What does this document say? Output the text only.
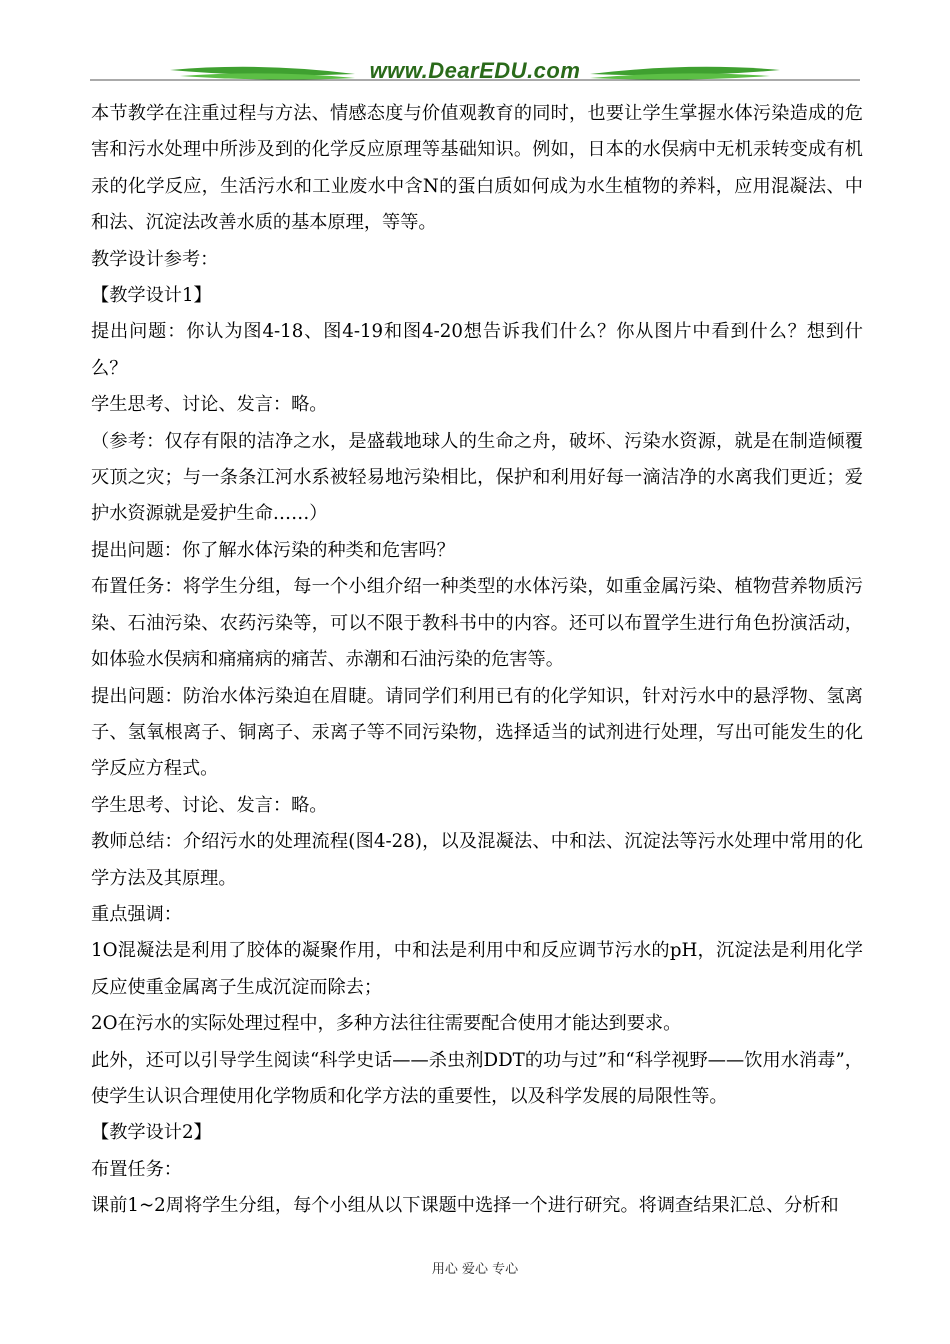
www.DearEDU.com

本节教学在注重过程与方法、情感态度与价值观教育的同时，也要让学生掌握水体污染造成的危害和污水处理中所涉及到的化学反应原理等基础知识。例如，日本的水俣病中无机汞转变成有机汞的化学反应，生活污水和工业废水中含N的蛋白质如何成为水生植物的养料，应用混凝法、中和法、沉淀法改善水质的基本原理，等等。

教学设计参考：

【教学设计1】

提出问题：你认为图4-18、图4-19和图4-20想告诉我们什么？你从图片中看到什么？想到什么？

学生思考、讨论、发言：略。

（参考：仅存有限的洁净之水，是盛载地球人的生命之舟，破坏、污染水资源，就是在制造倾覆灭顶之灾；与一条条江河水系被轻易地污染相比，保护和利用好每一滴洁净的水离我们更近；爱护水资源就是爱护生命……）

提出问题：你了解水体污染的种类和危害吗？

布置任务：将学生分组，每一个小组介绍一种类型的水体污染，如重金属污染、植物营养物质污染、石油污染、农药污染等，可以不限于教科书中的内容。还可以布置学生进行角色扮演活动，如体验水俣病和痛痛病的痛苦、赤潮和石油污染的危害等。

提出问题：防治水体污染迫在眉睫。请同学们利用已有的化学知识，针对污水中的悬浮物、氢离子、氢氧根离子、铜离子、汞离子等不同污染物，选择适当的试剂进行处理，写出可能发生的化学反应方程式。

学生思考、讨论、发言：略。

教师总结：介绍污水的处理流程(图4-28)，以及混凝法、中和法、沉淀法等污水处理中常用的化学方法及其原理。

重点强调：

1O混凝法是利用了胶体的凝聚作用，中和法是利用中和反应调节污水的pH，沉淀法是利用化学反应使重金属离子生成沉淀而除去；

2O在污水的实际处理过程中，多种方法往往需要配合使用才能达到要求。

此外，还可以引导学生阅读“科学史话——杀虫剂DDT的功与过”和“科学视野——饮用水消毒”，使学生认识合理使用化学物质和化学方法的重要性，以及科学发展的局限性等。

【教学设计2】

布置任务：

课前1~2周将学生分组，每个小组从以下课题中选择一个进行研究。将调查结果汇总、分析和

用心 爱心 专心
